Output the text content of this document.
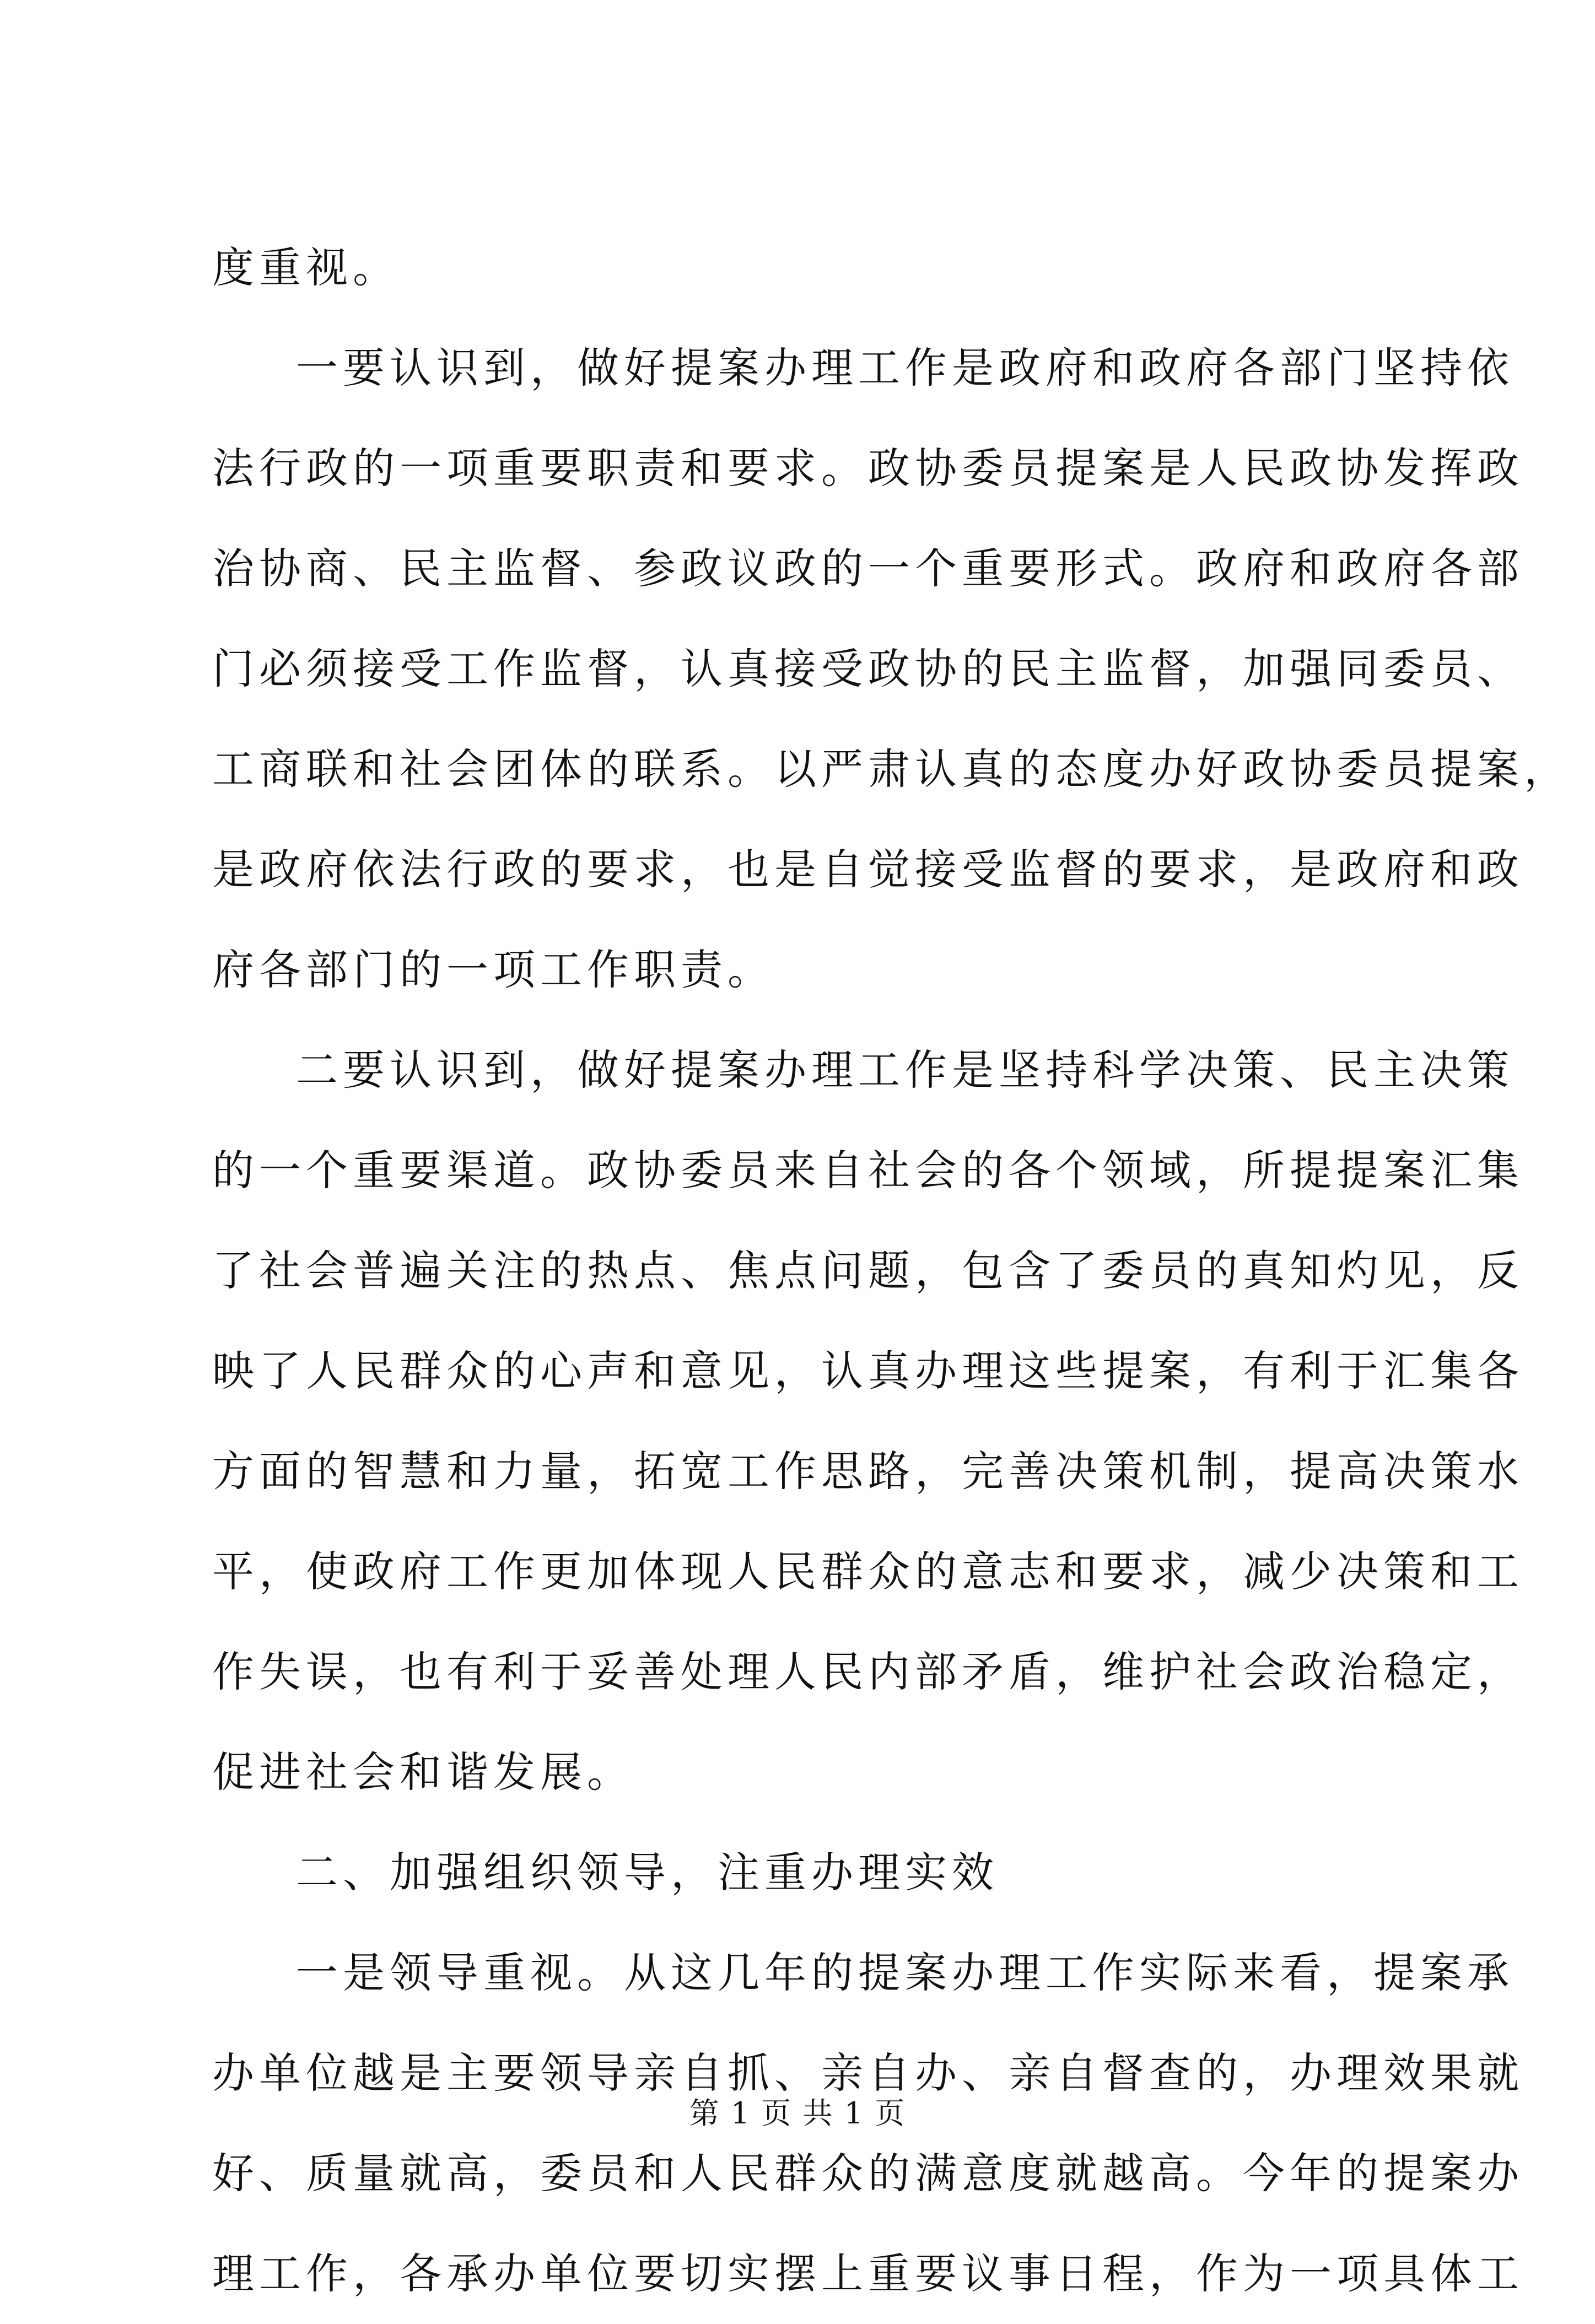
度重视。
一要认识到，做好提案办理工作是政府和政府各部门坚持依
法行政的一项重要职责和要求。政协委员提案是人民政协发挥政
治协商、民主监督、参政议政的一个重要形式。政府和政府各部
门必须接受工作监督，认真接受政协的民主监督，加强同委员、
工商联和社会团体的联系。以严肃认真的态度办好政协委员提案，
是政府依法行政的要求，也是自觉接受监督的要求，是政府和政
府各部门的一项工作职责。
二要认识到，做好提案办理工作是坚持科学决策、民主决策
的一个重要渠道。政协委员来自社会的各个领域，所提提案汇集
了社会普遍关注的热点、焦点问题，包含了委员的真知灼见，反
映了人民群众的心声和意见，认真办理这些提案，有利于汇集各
方面的智慧和力量，拓宽工作思路，完善决策机制，提高决策水
平，使政府工作更加体现人民群众的意志和要求，减少决策和工
作失误，也有利于妥善处理人民内部矛盾，维护社会政治稳定，
促进社会和谐发展。
二、加强组织领导，注重办理实效
一是领导重视。从这几年的提案办理工作实际来看，提案承
办单位越是主要领导亲自抓、亲自办、亲自督查的，办理效果就
好、质量就高，委员和人民群众的满意度就越高。今年的提案办
理工作，各承办单位要切实摆上重要议事日程，作为一项具体工
第 1 页 共 1 页
